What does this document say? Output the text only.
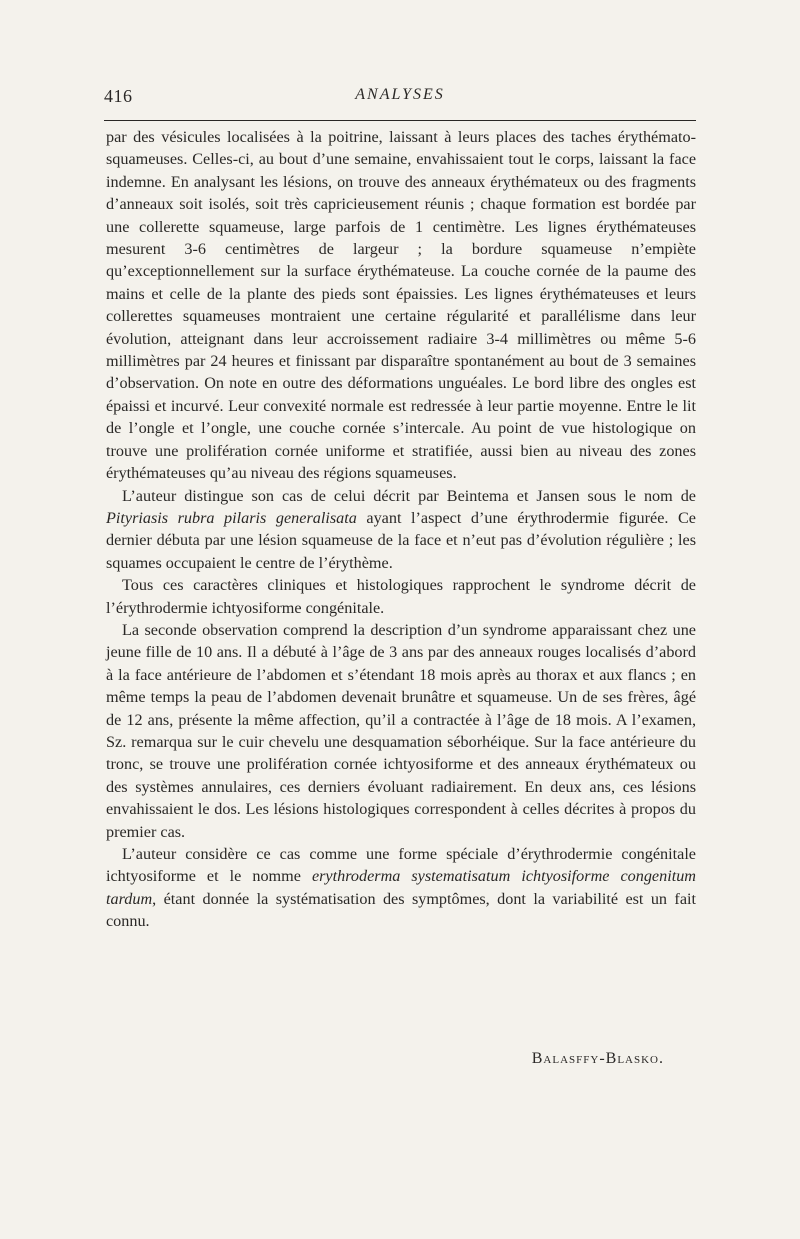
416	ANALYSES

par des vésicules localisées à la poitrine, laissant à leurs places des taches érythémato-squameuses. Celles-ci, au bout d’une semaine, envahissaient tout le corps, laissant la face indemne. En analysant les lésions, on trouve des anneaux érythémateux ou des fragments d’anneaux soit isolés, soit très capricieusement réunis ; chaque formation est bordée par une collerette squameuse, large parfois de 1 centimètre. Les lignes érythémateuses mesurent 3-6 centimètres de largeur ; la bordure squameuse n’empiète qu’exceptionnellement sur la surface érythémateuse. La couche cornée de la paume des mains et celle de la plante des pieds sont épaissies. Les lignes érythémateuses et leurs collerettes squameuses montraient une certaine régularité et parallélisme dans leur évolution, atteignant dans leur accroissement radiaire 3-4 millimètres ou même 5-6 millimètres par 24 heures et finissant par disparaître spontanément au bout de 3 semaines d’observation. On note en outre des déformations unguéales. Le bord libre des ongles est épaissi et incurvé. Leur convexité normale est redressée à leur partie moyenne. Entre le lit de l’ongle et l’ongle, une couche cornée s’intercale. Au point de vue histologique on trouve une prolifération cornée uniforme et stratifiée, aussi bien au niveau des zones érythémateuses qu’au niveau des régions squameuses.

L’auteur distingue son cas de celui décrit par Beintema et Jansen sous le nom de Pityriasis rubra pilaris generalisata ayant l’aspect d’une érythrodermie figurée. Ce dernier débuta par une lésion squameuse de la face et n’eut pas d’évolution régulière ; les squames occupaient le centre de l’érythème.

Tous ces caractères cliniques et histologiques rapprochent le syndrome décrit de l’érythrodermie ichtyosiforme congénitale.

La seconde observation comprend la description d’un syndrome apparaissant chez une jeune fille de 10 ans. Il a débuté à l’âge de 3 ans par des anneaux rouges localisés d’abord à la face antérieure de l’abdomen et s’étendant 18 mois après au thorax et aux flancs ; en même temps la peau de l’abdomen devenait brunâtre et squameuse. Un de ses frères, âgé de 12 ans, présente la même affection, qu’il a contractée à l’âge de 18 mois. A l’examen, Sz. remarqua sur le cuir chevelu une desquamation séborhéique. Sur la face antérieure du tronc, se trouve une prolifération cornée ichtyosiforme et des anneaux érythémateux ou des systèmes annulaires, ces derniers évoluant radiairement. En deux ans, ces lésions envahissaient le dos. Les lésions histologiques correspondent à celles décrites à propos du premier cas.

L’auteur considère ce cas comme une forme spéciale d’érythrodermie congénitale ichtyosiforme et le nomme erythroderma systematisatum ichtyosiforme congenitum tardum, étant donnée la systématisation des symptômes, dont la variabilité est un fait connu.

Balasffy-Blasko.
